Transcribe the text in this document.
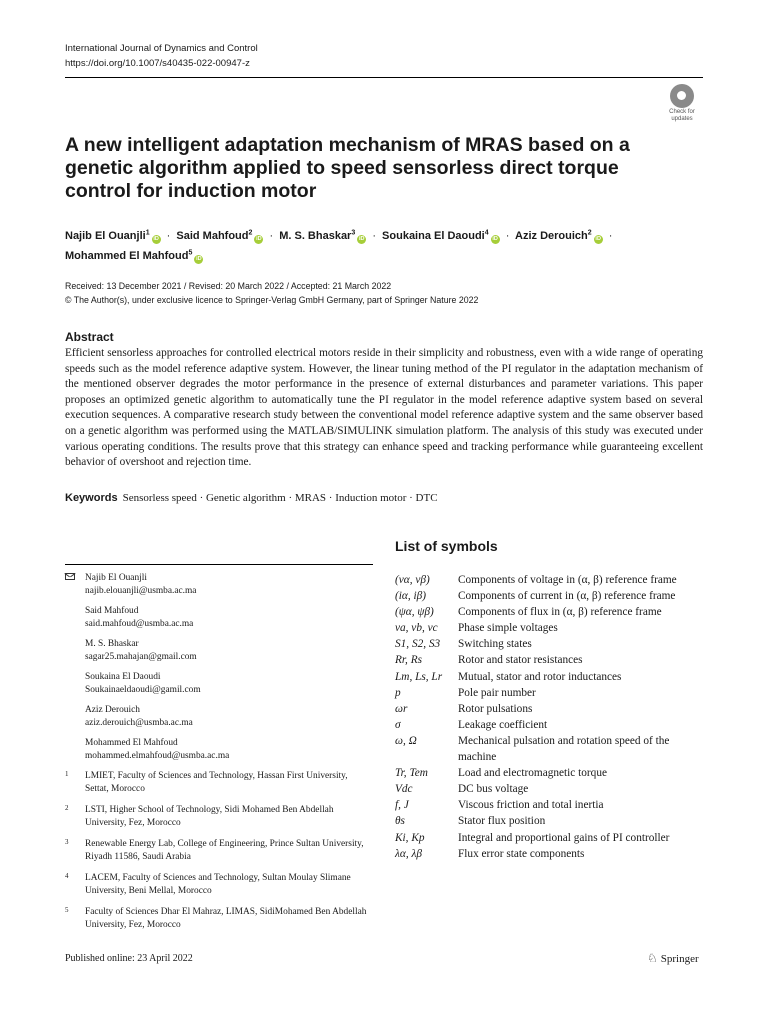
International Journal of Dynamics and Control
https://doi.org/10.1007/s40435-022-00947-z
Check for
updates
A new intelligent adaptation mechanism of MRAS based on a genetic algorithm applied to speed sensorless direct torque control for induction motor
Najib El Ouanjli$^1$iD · Said Mahfoud$^2$iD · M. S. Bhaskar$^3$iD · Soukaina El Daoudi$^4$iD · Aziz Derouich$^2$iD ·
Mohammed El Mahfoud$^5$iD
Received: 13 December 2021 / Revised: 20 March 2022 / Accepted: 21 March 2022
© The Author(s), under exclusive licence to Springer-Verlag GmbH Germany, part of Springer Nature 2022
Abstract

Efficient sensorless approaches for controlled electrical motors reside in their simplicity and robustness, even with a wide range of operating speeds such as the model reference adaptive system. However, the linear tuning method of the PI regulator in the adaptation mechanism of the mentioned observer degrades the motor performance in the presence of external disturbances and parameter variations. This paper proposes an optimized genetic algorithm to automatically tune the PI regulator in the model reference adaptive system based on several execution sequences. A comparative research study between the conventional model reference adaptive system and the same observer based on a genetic algorithm was performed using the MATLAB/SIMULINK simulation platform. The analysis of this study was executed under various operating conditions. The results prove that this strategy can enhance speed and tracking performance while guaranteeing excellent behavior of overshoot and rejection time.

Keywords Sensorless speed · Genetic algorithm · MRAS · Induction motor · DTC
List of symbols
Najib El Ouanjli
najib.elouanjli@usmba.ac.ma
Said Mahfoud
said.mahfoud@usmba.ac.ma
M. S. Bhaskar
sagar25.mahajan@gmail.com
Soukaina El Daoudi
Soukainaeldaoudi@gamil.com
Aziz Derouich
aziz.derouich@usmba.ac.ma
Mohammed El Mahfoud
mohammed.elmahfoud@usmba.ac.ma
1 LMIET, Faculty of Sciences and Technology, Hassan First University, Settat, Morocco
2 LSTI, Higher School of Technology, Sidi Mohamed Ben Abdellah University, Fez, Morocco
3 Renewable Energy Lab, College of Engineering, Prince Sultan University, Riyadh 11586, Saudi Arabia
4 LACEM, Faculty of Sciences and Technology, Sultan Moulay Slimane University, Beni Mellal, Morocco
5 Faculty of Sciences Dhar El Mahraz, LIMAS, SidiMohamed Ben Abdellah University, Fez, Morocco
(vα, vβ)	Components of voltage in (α, β) reference frame
(iα, iβ)	Components of current in (α, β) reference frame
(ψα, ψβ)	Components of flux in (α, β) reference frame
va, vb, vc	Phase simple voltages
S1, S2, S3	Switching states
Rr, Rs	Rotor and stator resistances
Lm, Ls, Lr	Mutual, stator and rotor inductances
p	Pole pair number
ωr	Rotor pulsations
σ	Leakage coefficient
ω, Ω	Mechanical pulsation and rotation speed of the machine
Tr, Tem	Load and electromagnetic torque
Vdc	DC bus voltage
f, J	Viscous friction and total inertia
θs	Stator flux position
Ki, Kp	Integral and proportional gains of PI controller
λα, λβ	Flux error state components
Published online: 23 April 2022	♘ Springer
